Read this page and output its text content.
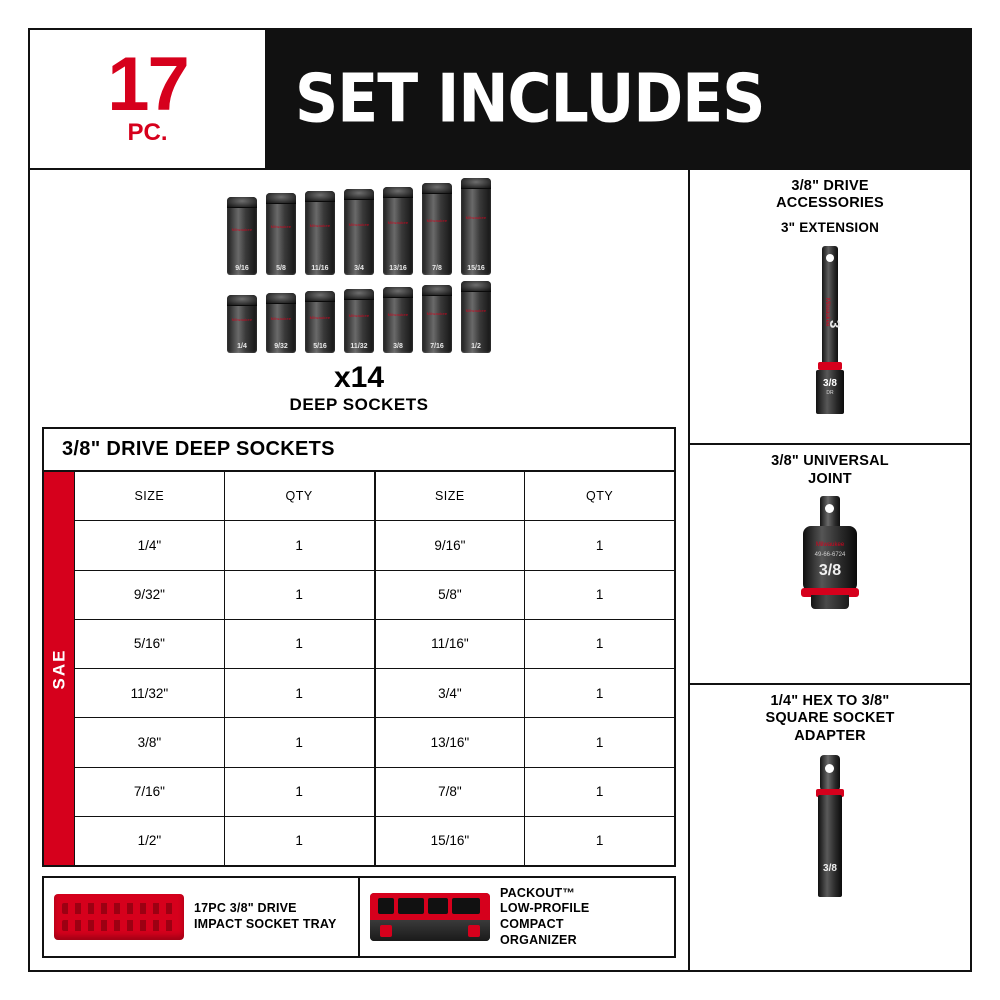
17
PC. SET INCLUDES
Milwaukee
9/16
Milwaukee
5/8
Milwaukee
11/16
Milwaukee
3/4
Milwaukee
13/16
Milwaukee
7/8
Milwaukee
15/16
Milwaukee
1/4
Milwaukee
9/32
Milwaukee
5/16
Milwaukee
11/32
Milwaukee
3/8
Milwaukee
7/16
Milwaukee
1/2
x14
DEEP SOCKETS
3/8" DRIVE DEEP SOCKETS
SAE
SIZE	QTY
1/4"	1
9/32"	1
5/16"	1
11/32"	1
3/8"	1
7/16"	1
1/2"	1
SIZE	QTY
9/16"	1
5/8"	1
11/16"	1
3/4"	1
13/16"	1
7/8"	1
15/16"	1
17PC 3/8" DRIVE
IMPACT SOCKET TRAY
PACKOUT™
LOW-PROFILE
COMPACT
ORGANIZER
3/8" DRIVE
ACCESSORIES
3" EXTENSION
Milwaukee
3
3/8
DR
3/8" UNIVERSAL
JOINT
Milwaukee
49-66-6724
3/8
1/4" HEX TO 3/8"
SQUARE SOCKET
ADAPTER
3/8
